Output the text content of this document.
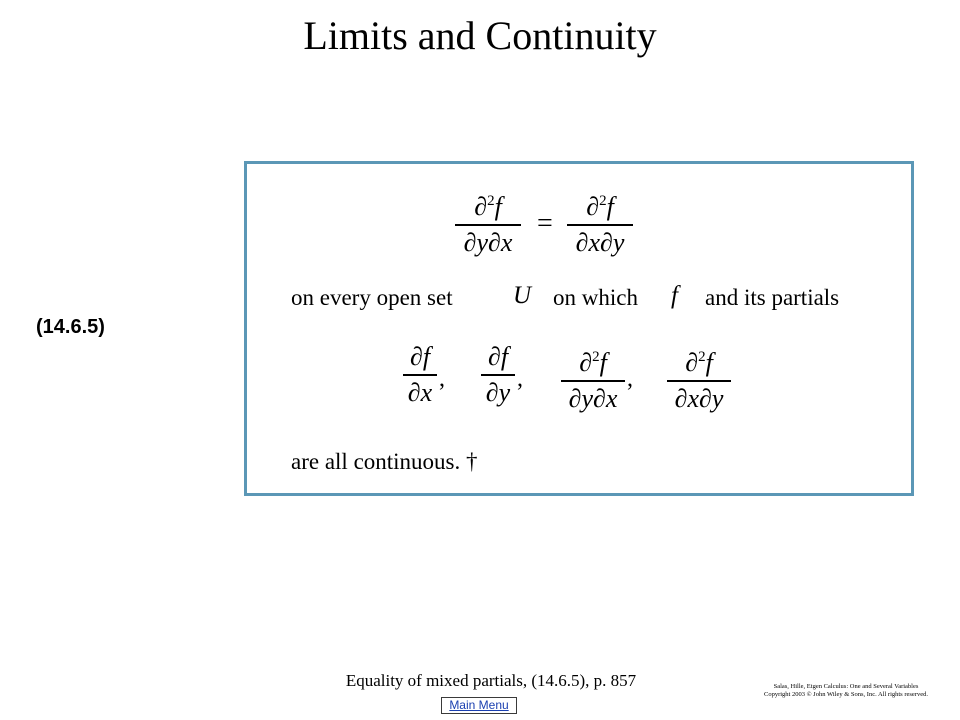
Limits and Continuity
(14.6.5)
∂$^2$f
∂y∂x
=
∂$^2$f
∂x∂y
on every open set U on which f and its partials
∂f
∂x ,
∂f
∂y ,
∂$^2$f
∂y∂x
,
∂$^2$f
∂x∂y
are all continuous. †
Equality of mixed partials, (14.6.5), p. 857	Salas, Hille, Etgen Calculus: One and Several Variables
Copyright 2003 © John Wiley & Sons, Inc. All rights reserved.
Main Menu
